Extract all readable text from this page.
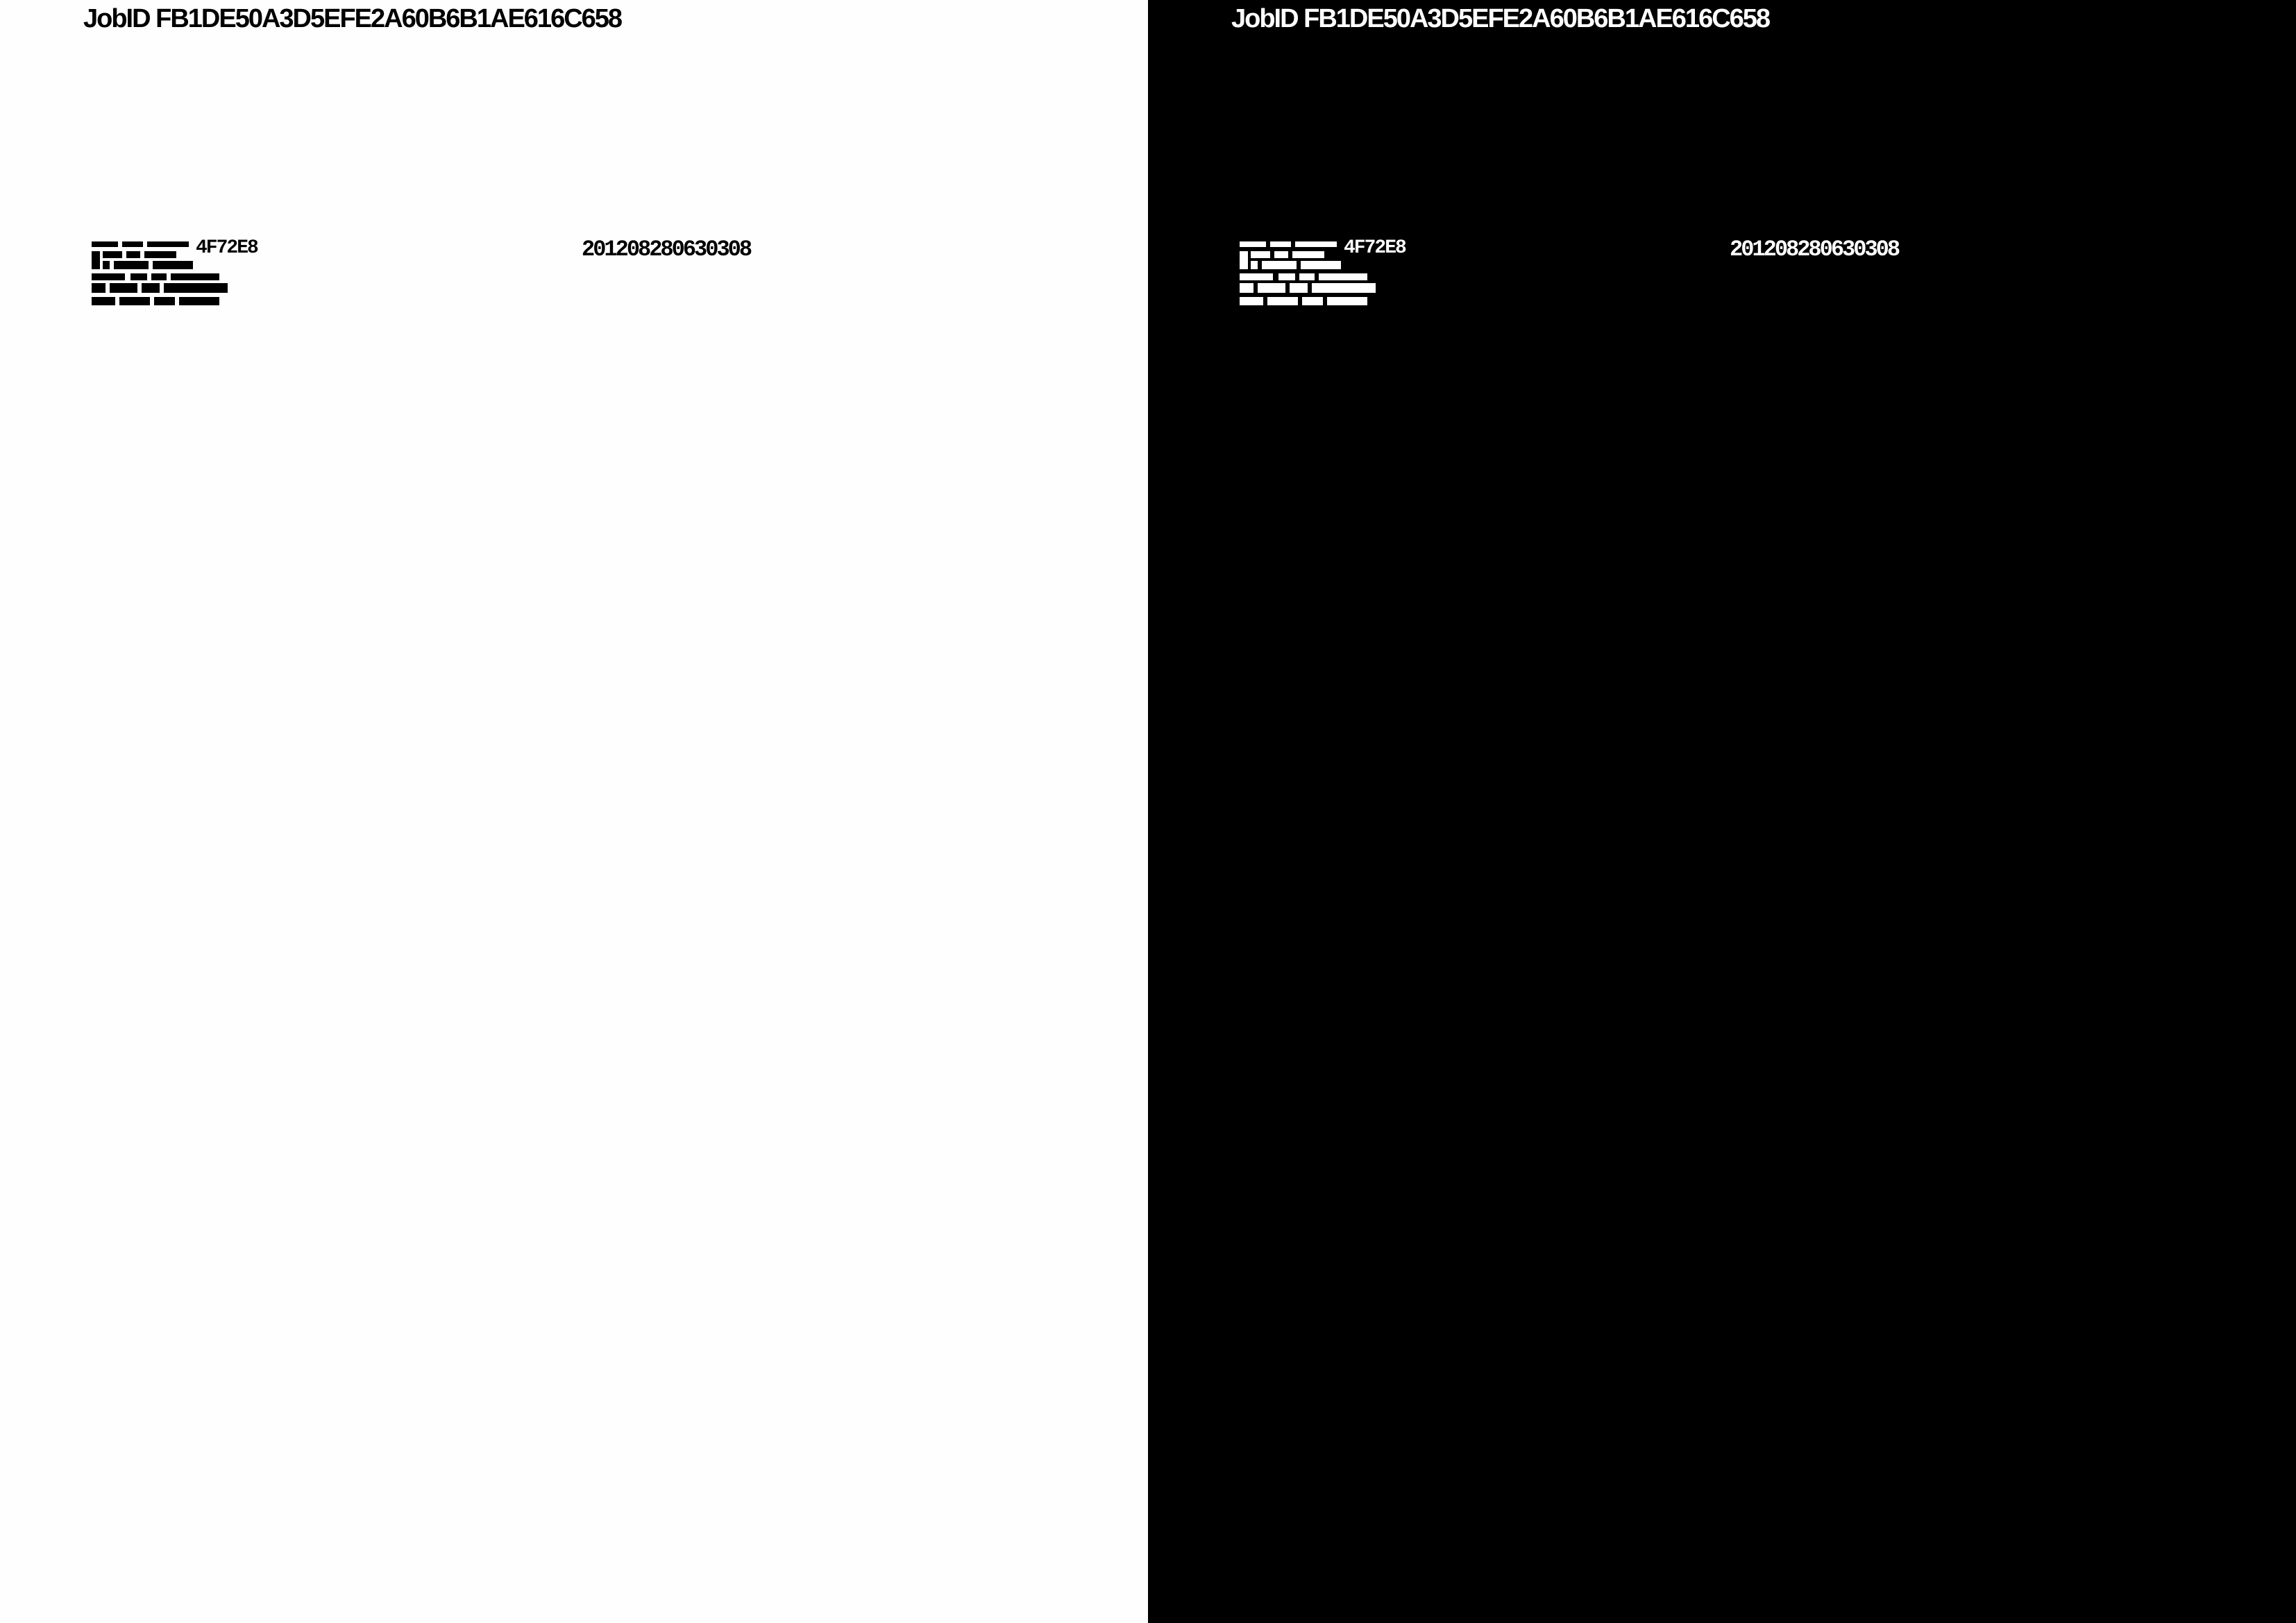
JobID FB1DE50A3D5EFE2A60B6B1AE616C658
4F72E8	201208280630308
JobID FB1DE50A3D5EFE2A60B6B1AE616C658
4F72E8	201208280630308
